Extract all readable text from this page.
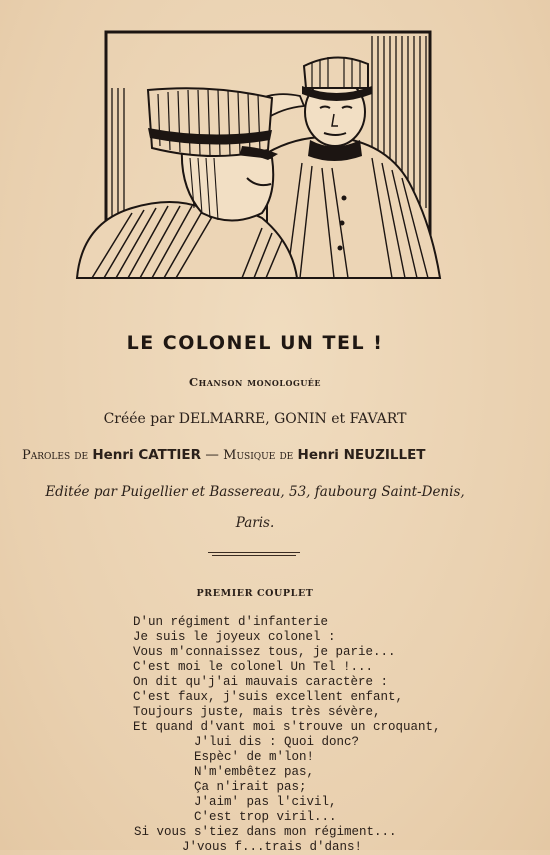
LE COLONEL UN TEL !
Chanson monologuée
Créée par DELMARRE, GONIN et FAVART
Paroles de Henri CATTIER — Musique de Henri NEUZILLET
Editée par Puigellier et Bassereau, 53, faubourg Saint-Denis,
Paris.
PREMIER COUPLET
D'un régiment d'infanterie
Je suis le joyeux colonel :
Vous m'connaissez tous, je parie...
C'est moi le colonel Un Tel !...
On dit qu'j'ai mauvais caractère :
C'est faux, j'suis excellent enfant,
Toujours juste, mais très sévère,
Et quand d'vant moi s'trouve un croquant,
J'lui dis : Quoi donc?
Espèc' de m'lon!
N'm'embêtez pas,
Ça n'irait pas;
J'aim' pas l'civil,
C'est trop viril...
Si vous s'tiez dans mon régiment...
J'vous f...trais d'dans!
